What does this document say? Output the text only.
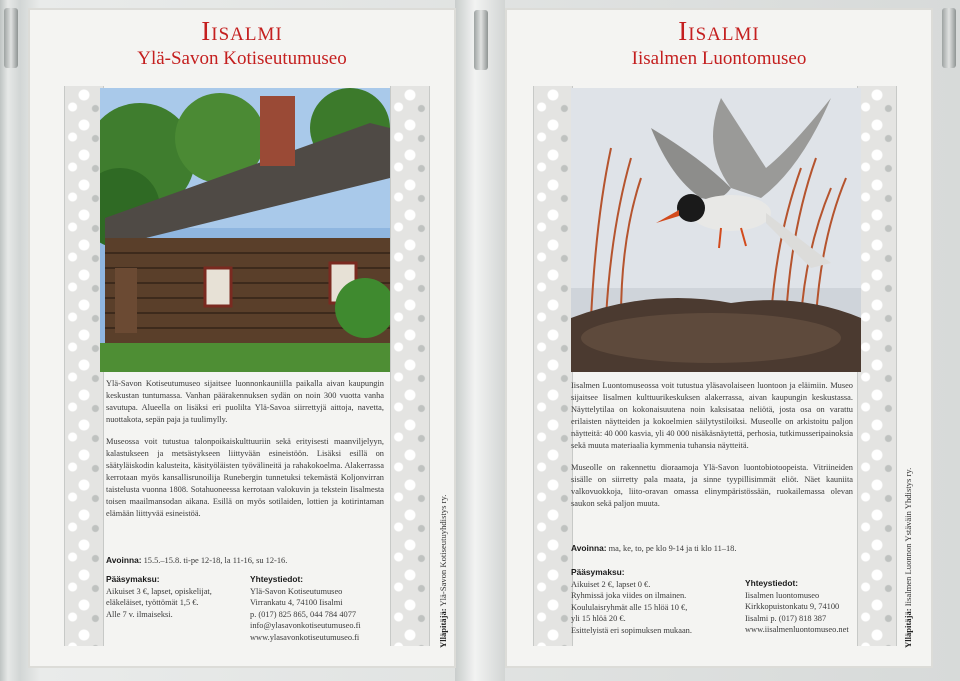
Iisalmi
Ylä-Savon Kotiseutumuseo

Ylä-Savon Kotiseutumuseo sijaitsee luonnonkauniilla paikalla aivan kaupungin keskustan tuntumassa. Vanhan päärakennuksen sydän on noin 300 vuotta vanha savutupa. Alueella on lisäksi eri puolilta Ylä-Savoa siirrettyjä aittoja, navetta, nuottakota, sepän paja ja tuulimylly.

Museossa voit tutustua talonpoikaiskulttuuriin sekä erityisesti maanviljelyyn, kalastukseen ja metsästykseen liittyvään esineistöön. Lisäksi esillä on säätyläiskodin kalusteita, käsityöläisten työvälineitä ja rahakokoelma. Alakerrassa kerrotaan myös kansallisrunoilija Runebergin tunnetuksi tekemästä Koljonvirran taistelusta vuonna 1808. Sotahuoneessa kerrotaan valokuvin ja tekstein Iisalmesta toisen maailmansodan aikana. Esillä on myös sotilaiden, lottien ja kotirintaman elämään liittyvää esineistöä.

Avoinna: 15.5.–15.8. ti-pe 12-18, la 11-16, su 12-16.
Pääsymaksu:
Aikuiset 3 €, lapset, opiskelijat,
eläkeläiset, työttömät 1,5 €.
Alle 7 v. ilmaiseksi.
Yhteystiedot:
Ylä-Savon Kotiseutumuseo
Virrankatu 4, 74100 Iisalmi
p. (017) 825 865, 044 784 4077
info@ylasavonkotiseutumuseo.fi
www.ylasavonkotiseutumuseo.fi	Ylläpitäjä: Ylä-Savon Kotiseutuyhdistys ry.
Iisalmi
Iisalmen Luontomuseo

Iisalmen Luontomuseossa voit tutustua yläsavolaiseen luontoon ja eläimiin. Museo sijaitsee Iisalmen kulttuurikeskuksen alakerrassa, aivan kaupungin keskustassa. Näyttelytilaa on kokonaisuutena noin kaksisataa neliötä, josta osa on varattu erilaisten näytteiden ja kokoelmien säilytystiloiksi. Museolle on arkistoitu paljon näytteitä: 40 000 kasvia, yli 40 000 nisäkäsnäytettä, perhosia, tutkimusseripainoksia sekä muuta materiaalia kymmenia tuhansia näytteitä.

Museolle on rakennettu dioraamoja Ylä-Savon luontobiotoopeista. Vitriineiden sisälle on siirretty pala maata, ja sinne tyypillisimmät eliöt. Näet kauniita valkovuokkoja, liito-oravan omassa elinympäristössään, ruokailemassa olevan saukon sekä paljon muuta.

Avoinna: ma, ke, to, pe klo 9-14 ja ti klo 11–18.
Pääsymaksu:
Aikuiset 2 €, lapset 0 €.
Ryhmissä joka viides on ilmainen.
Koululaisryhmät alle 15 hlöä 10 €,
yli 15 hlöä 20 €.
Esittelyistä eri sopimuksen mukaan.
Yhteystiedot:
Iisalmen luontomuseo
Kirkkopuistonkatu 9, 74100
Iisalmi p. (017) 818 387
www.iisalmenluontomuseo.net	Ylläpitäjä: Iisalmen Luonnon Ystäväin Yhdistys ry.
